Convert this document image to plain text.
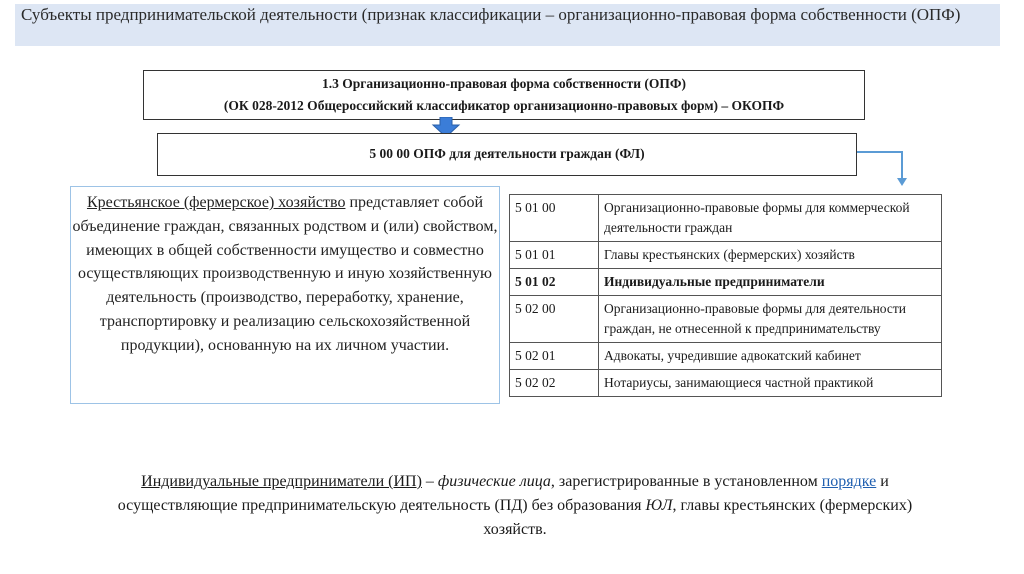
Субъекты предпринимательской деятельности (признак классификации – организационно-правовая форма собственности (ОПФ)
1.3 Организационно-правовая форма собственности (ОПФ)
(ОК 028-2012 Общероссийский классификатор организационно-правовых форм) – ОКОПФ
5 00 00 ОПФ для деятельности граждан (ФЛ)
Крестьянское (фермерское) хозяйство представляет собой объединение граждан, связанных родством и (или) свойством, имеющих в общей собственности имущество и совместно осуществляющих производственную и иную хозяйственную деятельность (производство, переработку, хранение, транспортировку и реализацию сельскохозяйственной продукции), основанную на их личном участии.
5 01 00	Организационно-правовые формы для коммерческой деятельности граждан
5 01 01	Главы крестьянских (фермерских) хозяйств
5 01 02	Индивидуальные предприниматели
5 02 00	Организационно-правовые формы для деятельности граждан, не отнесенной к предпринимательству
5 02 01	Адвокаты, учредившие адвокатский кабинет
5 02 02	Нотариусы, занимающиеся частной практикой
Индивидуальные предприниматели (ИП) – физические лица, зарегистрированные в установленном порядке и осуществляющие предпринимательскую деятельность (ПД) без образования ЮЛ, главы крестьянских (фермерских) хозяйств.
